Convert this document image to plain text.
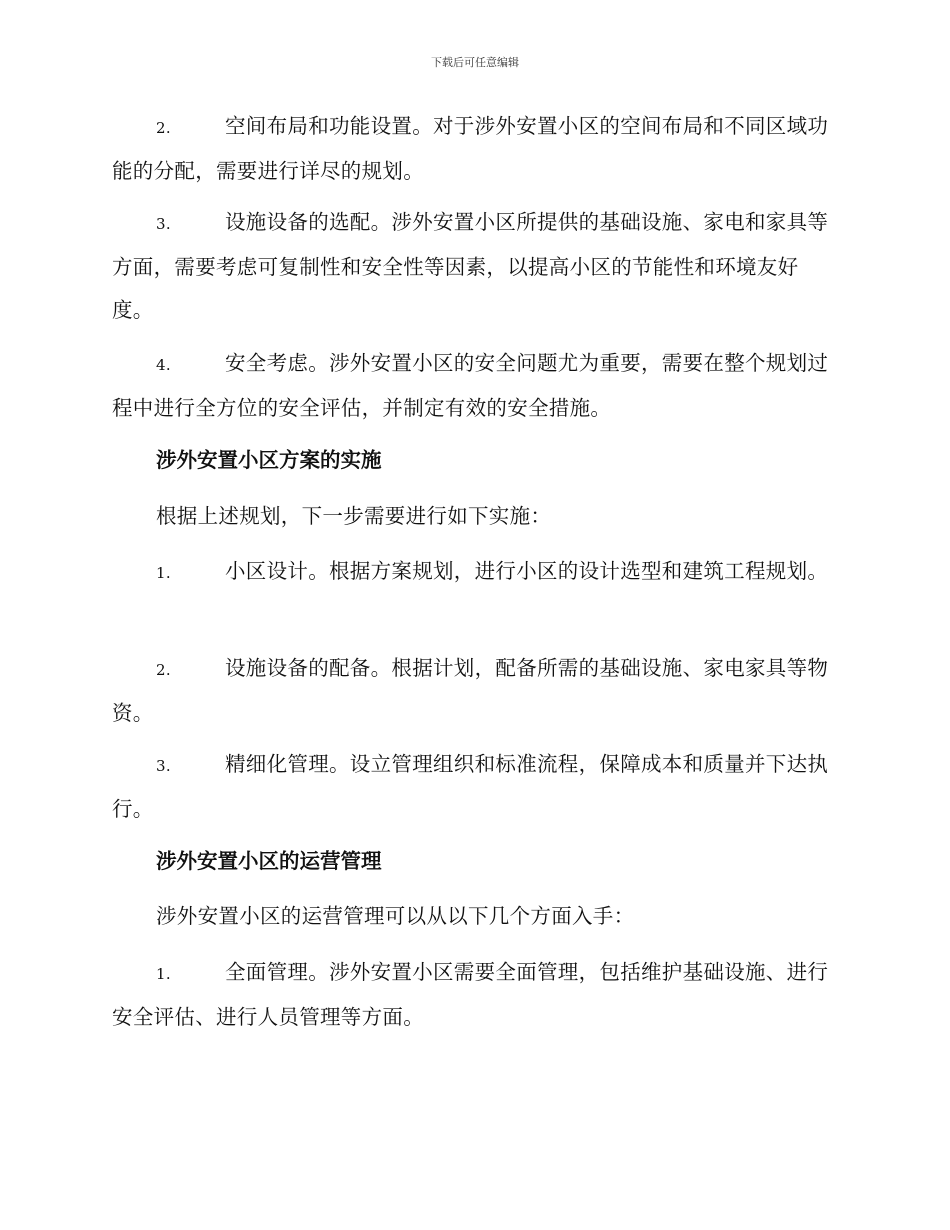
下载后可任意编辑
2.	空间布局和功能设置。对于涉外安置小区的空间布局和不同区域功能的分配，需要进行详尽的规划。
3.	设施设备的选配。涉外安置小区所提供的基础设施、家电和家具等方面，需要考虑可复制性和安全性等因素，以提高小区的节能性和环境友好度。
4.	安全考虑。涉外安置小区的安全问题尤为重要，需要在整个规划过程中进行全方位的安全评估，并制定有效的安全措施。
涉外安置小区方案的实施
根据上述规划，下一步需要进行如下实施：
1.	小区设计。根据方案规划，进行小区的设计选型和建筑工程规划。
2.	设施设备的配备。根据计划，配备所需的基础设施、家电家具等物资。
3.	精细化管理。设立管理组织和标准流程，保障成本和质量并下达执行。
涉外安置小区的运营管理
涉外安置小区的运营管理可以从以下几个方面入手：
1.	全面管理。涉外安置小区需要全面管理，包括维护基础设施、进行安全评估、进行人员管理等方面。
